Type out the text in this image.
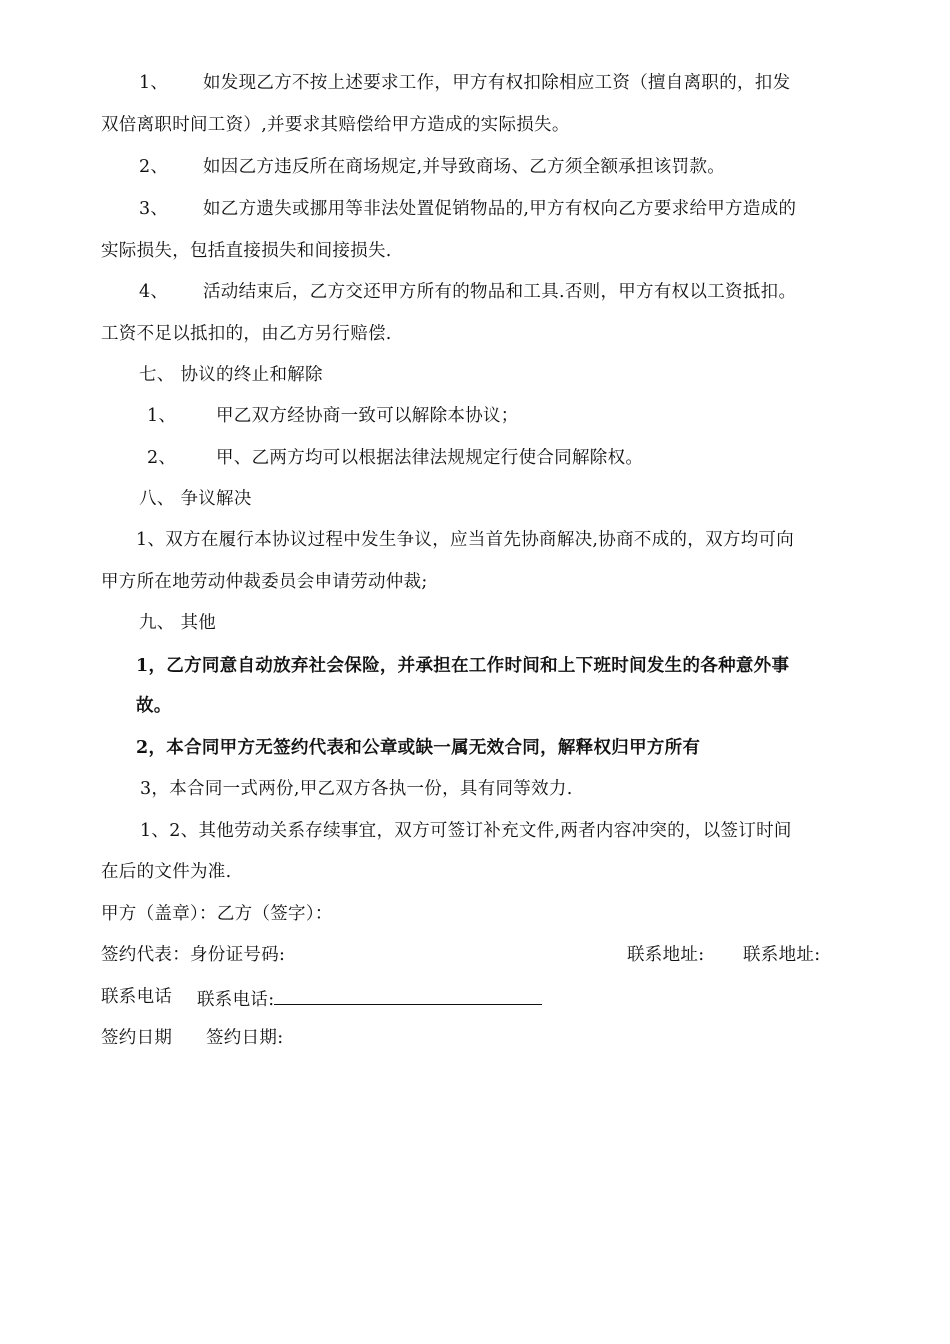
1、 如发现乙方不按上述要求工作，甲方有权扣除相应工资（擅自离职的，扣发
双倍离职时间工资）,并要求其赔偿给甲方造成的实际损失。
2、 如因乙方违反所在商场规定,并导致商场、乙方须全额承担该罚款。
3、 如乙方遗失或挪用等非法处置促销物品的,甲方有权向乙方要求给甲方造成的
实际损失，包括直接损失和间接损失.
4、 活动结束后，乙方交还甲方所有的物品和工具.否则，甲方有权以工资抵扣。
工资不足以抵扣的，由乙方另行赔偿.
七、 协议的终止和解除
1、 甲乙双方经协商一致可以解除本协议；
2、 甲、乙两方均可以根据法律法规规定行使合同解除权。
八、 争议解决
1、双方在履行本协议过程中发生争议，应当首先协商解决,协商不成的，双方均可向
甲方所在地劳动仲裁委员会申请劳动仲裁;
九、 其他
1，乙方同意自动放弃社会保险，并承担在工作时间和上下班时间发生的各种意外事
故。
2，本合同甲方无签约代表和公章或缺一属无效合同，解释权归甲方所有
3，本合同一式两份,甲乙双方各执一份，具有同等效力.
1、2、其他劳动关系存续事宜，双方可签订补充文件,两者内容冲突的，以签订时间
在后的文件为准.
甲方（盖章）：乙方（签字）：
签约代表：身份证号码:	联系地址: 联系地址:
联系电话 联系电话:
签约日期 签约日期:
